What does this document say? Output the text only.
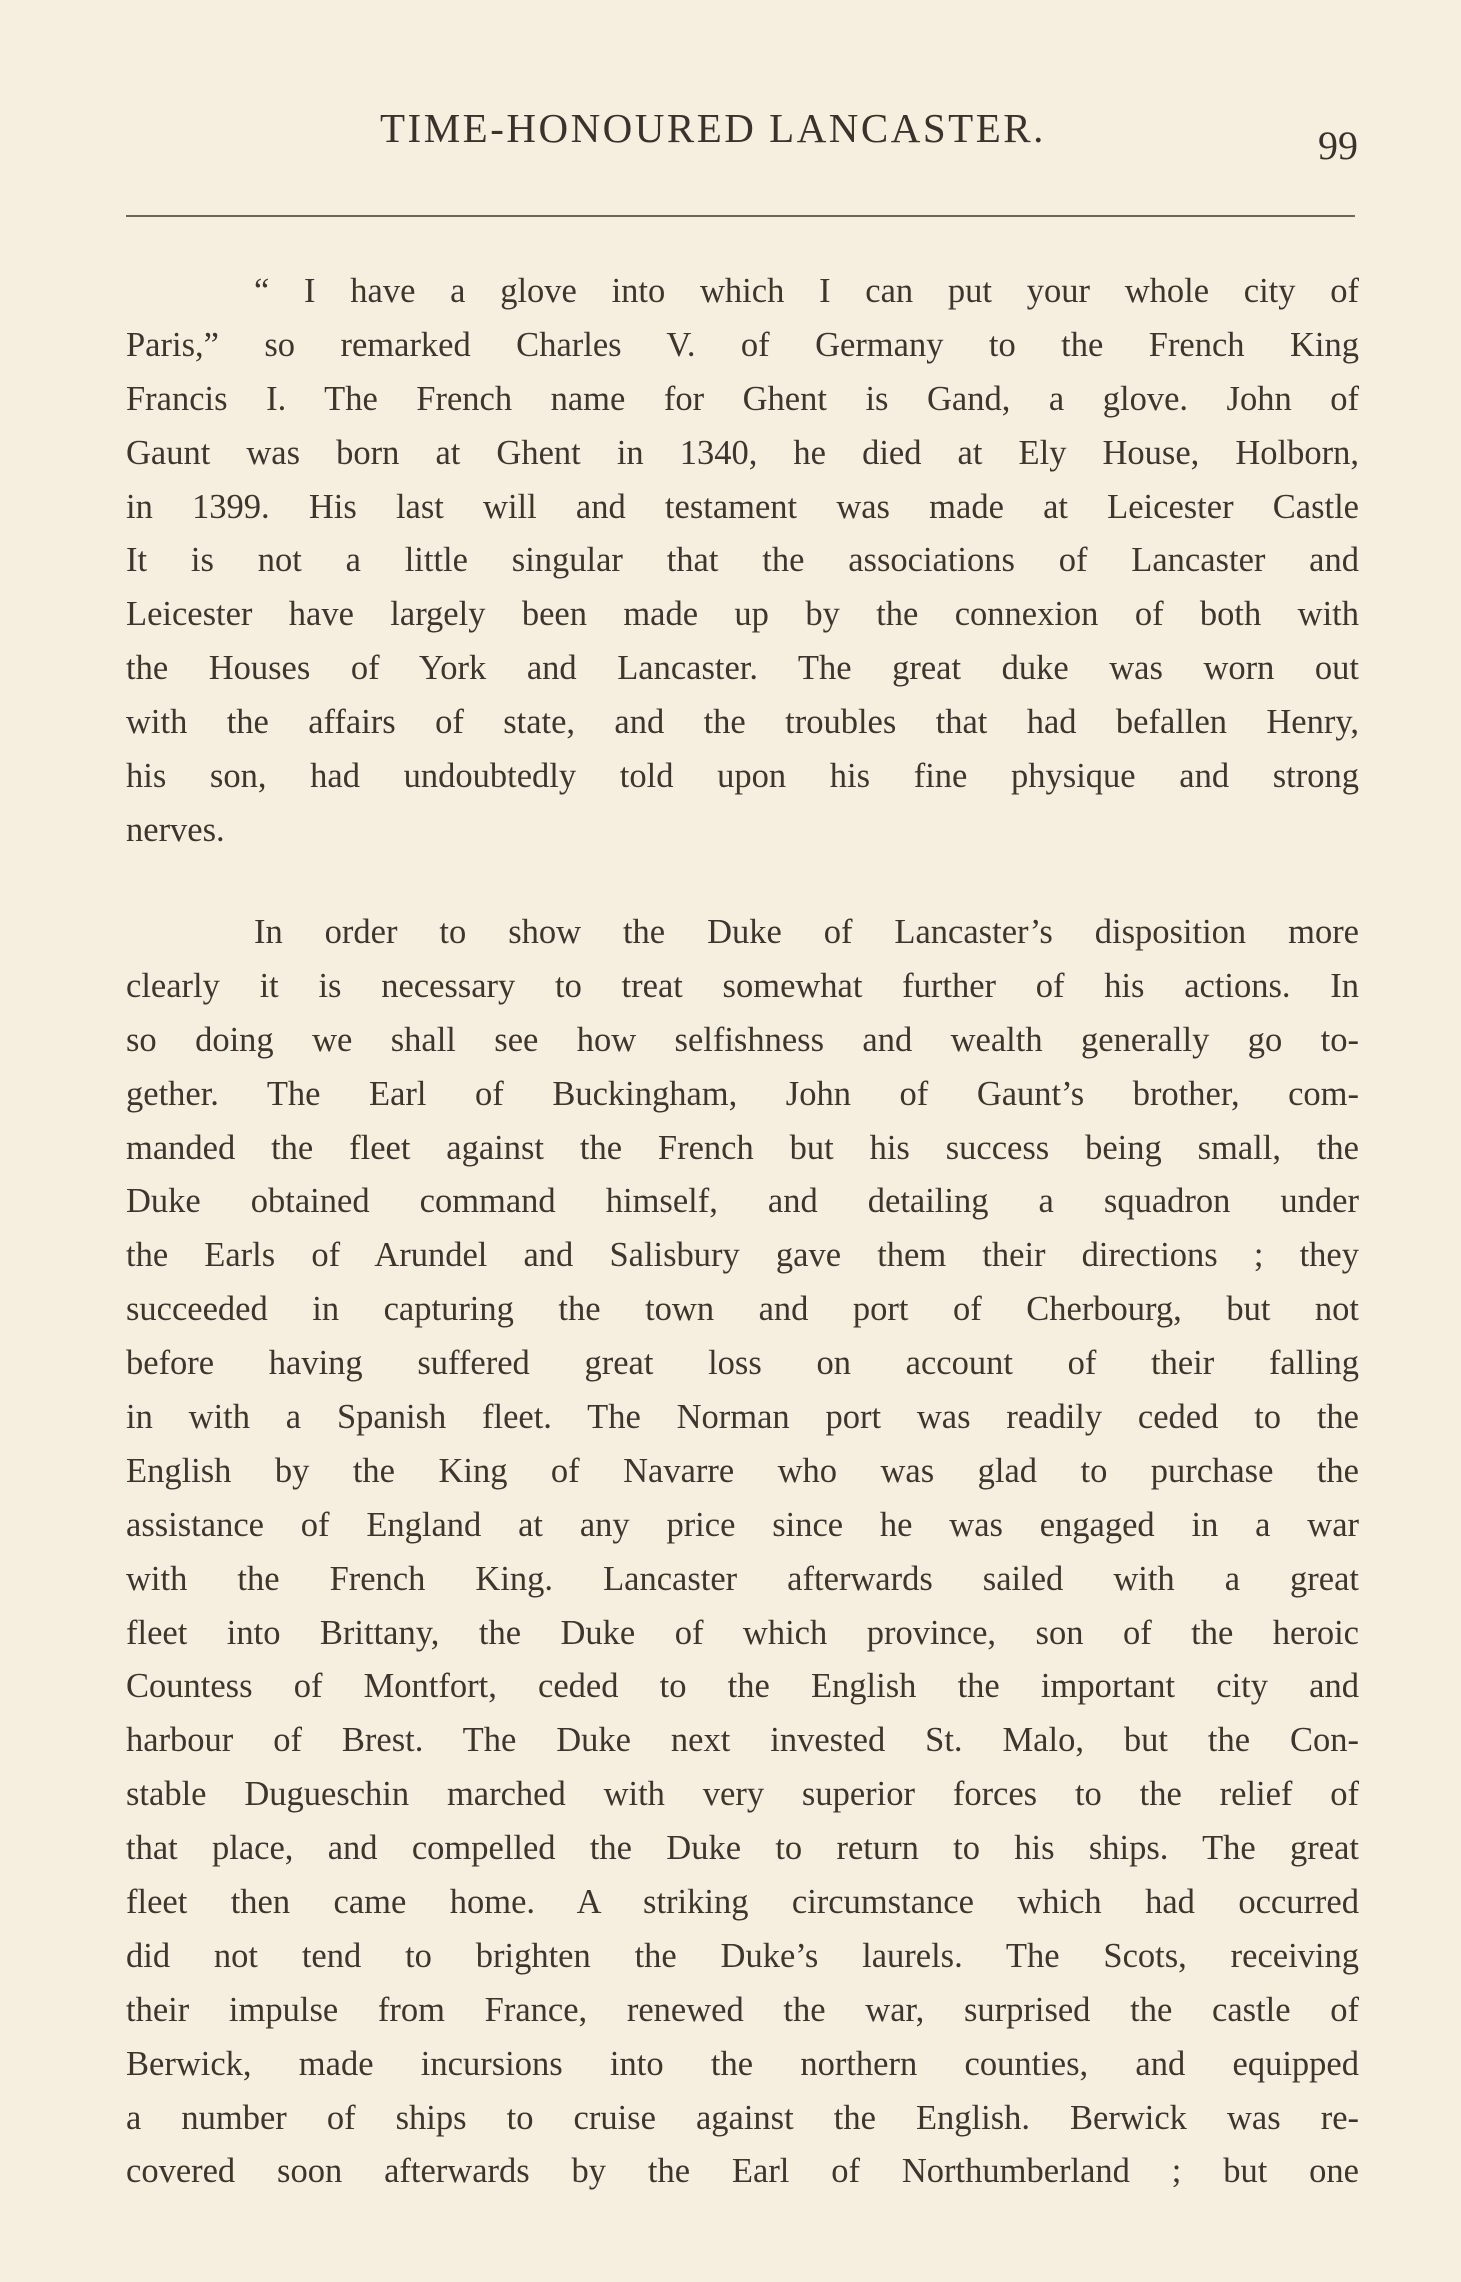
TIME-HONOURED LANCASTER.	99
“ I have a glove into which I can put your whole city of
Paris,” so remarked Charles V. of Germany to the French King
Francis I. The French name for Ghent is Gand, a glove. John of
Gaunt was born at Ghent in 1340, he died at Ely House, Holborn,
in 1399. His last will and testament was made at Leicester Castle
It is not a little singular that the associations of Lancaster and
Leicester have largely been made up by the connexion of both with
the Houses of York and Lancaster. The great duke was worn out
with the affairs of state, and the troubles that had befallen Henry,
his son, had undoubtedly told upon his fine physique and strong
nerves.
In order to show the Duke of Lancaster’s disposition more
clearly it is necessary to treat somewhat further of his actions. In
so doing we shall see how selfishness and wealth generally go to-
gether. The Earl of Buckingham, John of Gaunt’s brother, com-
manded the fleet against the French but his success being small, the
Duke obtained command himself, and detailing a squadron under
the Earls of Arundel and Salisbury gave them their directions ; they
succeeded in capturing the town and port of Cherbourg, but not
before having suffered great loss on account of their falling
in with a Spanish fleet. The Norman port was readily ceded to the
English by the King of Navarre who was glad to purchase the
assistance of England at any price since he was engaged in a war
with the French King. Lancaster afterwards sailed with a great
fleet into Brittany, the Duke of which province, son of the heroic
Countess of Montfort, ceded to the English the important city and
harbour of Brest. The Duke next invested St. Malo, but the Con-
stable Dugueschin marched with very superior forces to the relief of
that place, and compelled the Duke to return to his ships. The great
fleet then came home. A striking circumstance which had occurred
did not tend to brighten the Duke’s laurels. The Scots, receiving
their impulse from France, renewed the war, surprised the castle of
Berwick, made incursions into the northern counties, and equipped
a number of ships to cruise against the English. Berwick was re-
covered soon afterwards by the Earl of Northumberland ; but one
